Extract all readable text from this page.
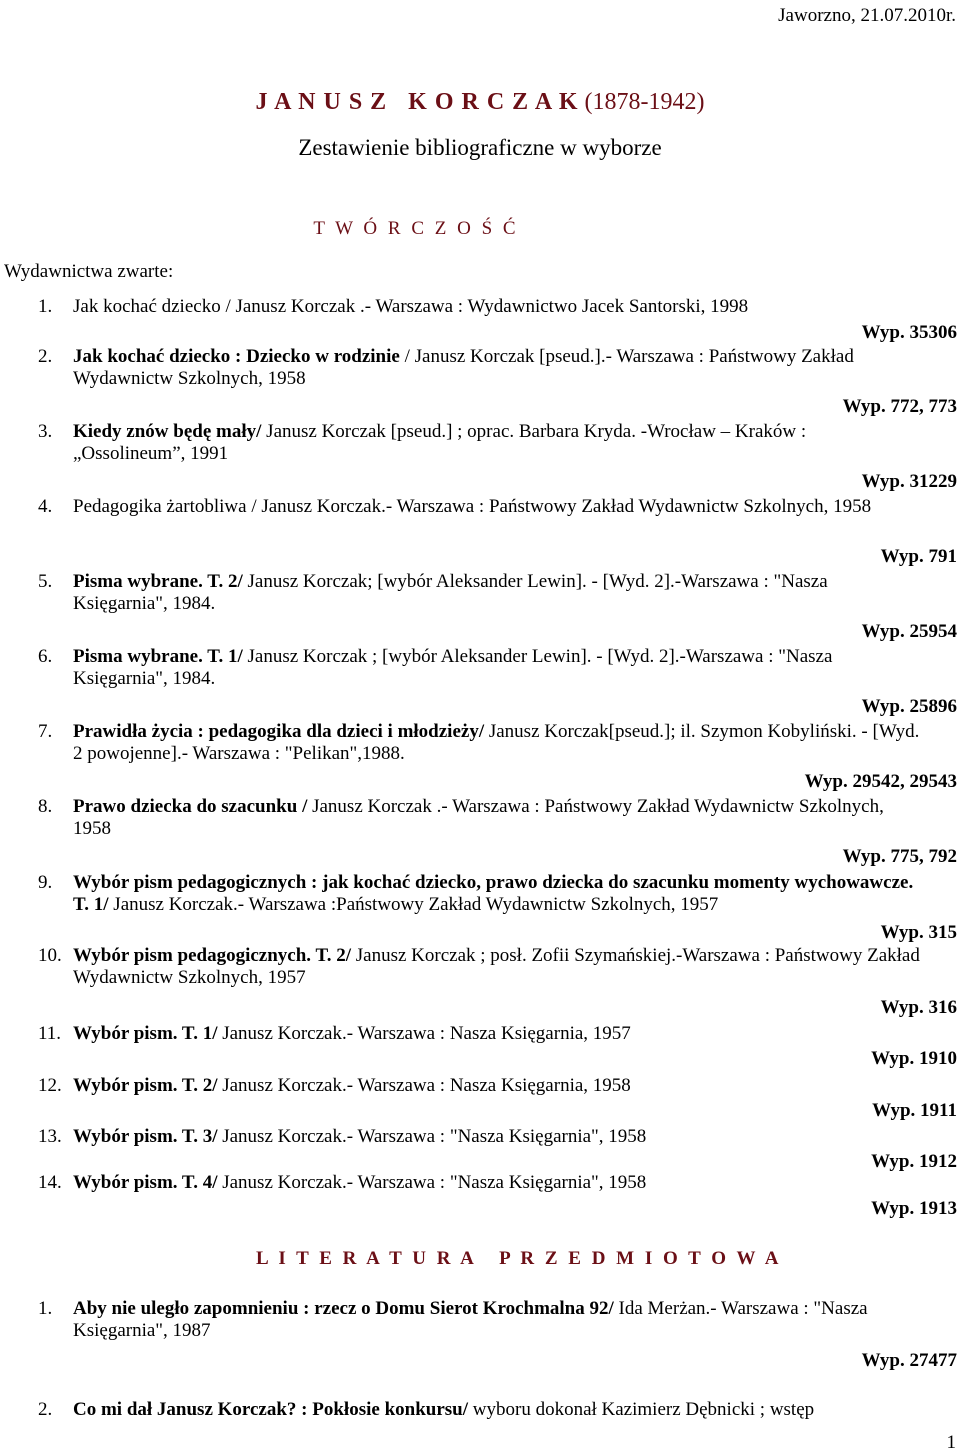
Jaworzno, 21.07.2010r.
J A N U S Z   K O R C Z A K (1878-1942)
Zestawienie bibliograficzne w wyborze
T W Ó R C Z O Ś Ć
Wydawnictwa zwarte:
1. Jak kochać dziecko / Janusz Korczak .- Warszawa : Wydawnictwo Jacek Santorski, 1998
Wyp. 35306
2. Jak kochać dziecko : Dziecko w rodzinie / Janusz Korczak [pseud.].- Warszawa : Państwowy Zakład Wydawnictw Szkolnych, 1958
Wyp. 772, 773
3. Kiedy znów będę mały/ Janusz Korczak [pseud.] ; oprac. Barbara Kryda. -Wrocław – Kraków : „Ossolineum”, 1991
Wyp. 31229
4. Pedagogika żartobliwa / Janusz Korczak.- Warszawa : Państwowy Zakład Wydawnictw Szkolnych, 1958
Wyp. 791
5. Pisma wybrane. T. 2/ Janusz Korczak; [wybór Aleksander Lewin]. - [Wyd. 2].-Warszawa : "Nasza Księgarnia", 1984.
Wyp. 25954
6. Pisma wybrane. T. 1/ Janusz Korczak ; [wybór Aleksander Lewin]. - [Wyd. 2].-Warszawa : "Nasza Księgarnia", 1984.
Wyp. 25896
7. Prawidła życia : pedagogika dla dzieci i młodzieży/ Janusz Korczak[pseud.]; il. Szymon Kobyliński. - [Wyd. 2 powojenne].- Warszawa : "Pelikan",1988.
Wyp. 29542, 29543
8. Prawo dziecka do szacunku / Janusz Korczak .- Warszawa : Państwowy Zakład Wydawnictw Szkolnych, 1958
Wyp. 775, 792
9. Wybór pism pedagogicznych : jak kochać dziecko, prawo dziecka do szacunku momenty wychowawcze. T. 1/ Janusz Korczak.- Warszawa :Państwowy Zakład Wydawnictw Szkolnych, 1957
Wyp. 315
10. Wybór pism pedagogicznych. T. 2/ Janusz Korczak ; posł. Zofii Szymańskiej.-Warszawa : Państwowy Zakład Wydawnictw Szkolnych, 1957
Wyp. 316
11. Wybór pism. T. 1/ Janusz Korczak.- Warszawa : Nasza Księgarnia, 1957
Wyp. 1910
12. Wybór pism. T. 2/ Janusz Korczak.- Warszawa : Nasza Księgarnia, 1958
Wyp. 1911
13. Wybór pism. T. 3/ Janusz Korczak.- Warszawa : "Nasza Księgarnia", 1958
Wyp. 1912
14. Wybór pism. T. 4/ Janusz Korczak.- Warszawa : "Nasza Księgarnia", 1958
Wyp. 1913
L I T E R A T U R A   P R Z E D M I O T O W A
1. Aby nie uległo zapomnieniu : rzecz o Domu Sierot Krochmalna 92/ Ida Merżan.- Warszawa : "Nasza Księgarnia", 1987
Wyp. 27477
2. Co mi dał Janusz Korczak? : Pokłosie konkursu/ wyboru dokonał Kazimierz Dębnicki ; wstęp
1
